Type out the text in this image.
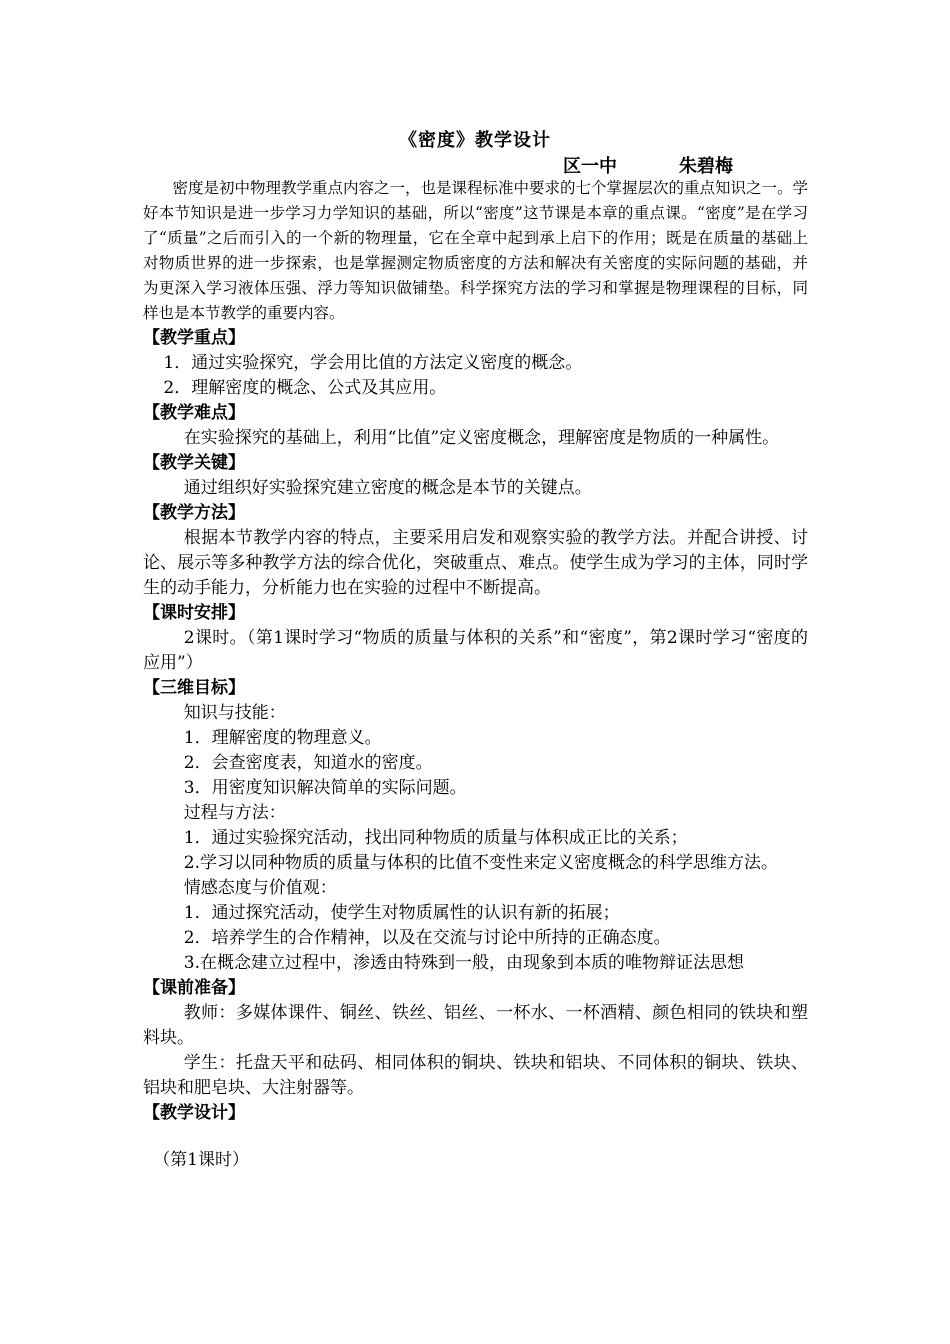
《密度》教学设计
区一中	朱碧梅

密度是初中物理教学重点内容之一，也是课程标准中要求的七个掌握层次的重点知识之一。学好本节知识是进一步学习力学知识的基础，所以“密度”这节课是本章的重点课。“密度”是在学习了“质量”之后而引入的一个新的物理量，它在全章中起到承上启下的作用；既是在质量的基础上对物质世界的进一步探索，也是掌握测定物质密度的方法和解决有关密度的实际问题的基础，并为更深入学习液体压强、浮力等知识做铺垫。科学探究方法的学习和掌握是物理课程的目标，同样也是本节教学的重要内容。

【教学重点】

1．通过实验探究，学会用比值的方法定义密度的概念。

2．理解密度的概念、公式及其应用。

【教学难点】

在实验探究的基础上，利用“比值”定义密度概念，理解密度是物质的一种属性。

【教学关键】

通过组织好实验探究建立密度的概念是本节的关键点。

【教学方法】

根据本节教学内容的特点，主要采用启发和观察实验的教学方法。并配合讲授、讨论、展示等多种教学方法的综合优化，突破重点、难点。使学生成为学习的主体，同时学生的动手能力，分析能力也在实验的过程中不断提高。

【课时安排】

2课时。（第1课时学习“物质的质量与体积的关系”和“密度”，第2课时学习“密度的应用”）

【三维目标】

知识与技能：

1．理解密度的物理意义。

2．会查密度表，知道水的密度。

3．用密度知识解决简单的实际问题。

过程与方法：

1．通过实验探究活动，找出同种物质的质量与体积成正比的关系；

2.学习以同种物质的质量与体积的比值不变性来定义密度概念的科学思维方法。

情感态度与价值观：

1．通过探究活动，使学生对物质属性的认识有新的拓展；

2．培养学生的合作精神，以及在交流与讨论中所持的正确态度。

3.在概念建立过程中，渗透由特殊到一般，由现象到本质的唯物辩证法思想

【课前准备】

教师：多媒体课件、铜丝、铁丝、铝丝、一杯水、一杯酒精、颜色相同的铁块和塑料块。

学生：托盘天平和砝码、相同体积的铜块、铁块和铝块、不同体积的铜块、铁块、铝块和肥皂块、大注射器等。

【教学设计】

（第1课时）
